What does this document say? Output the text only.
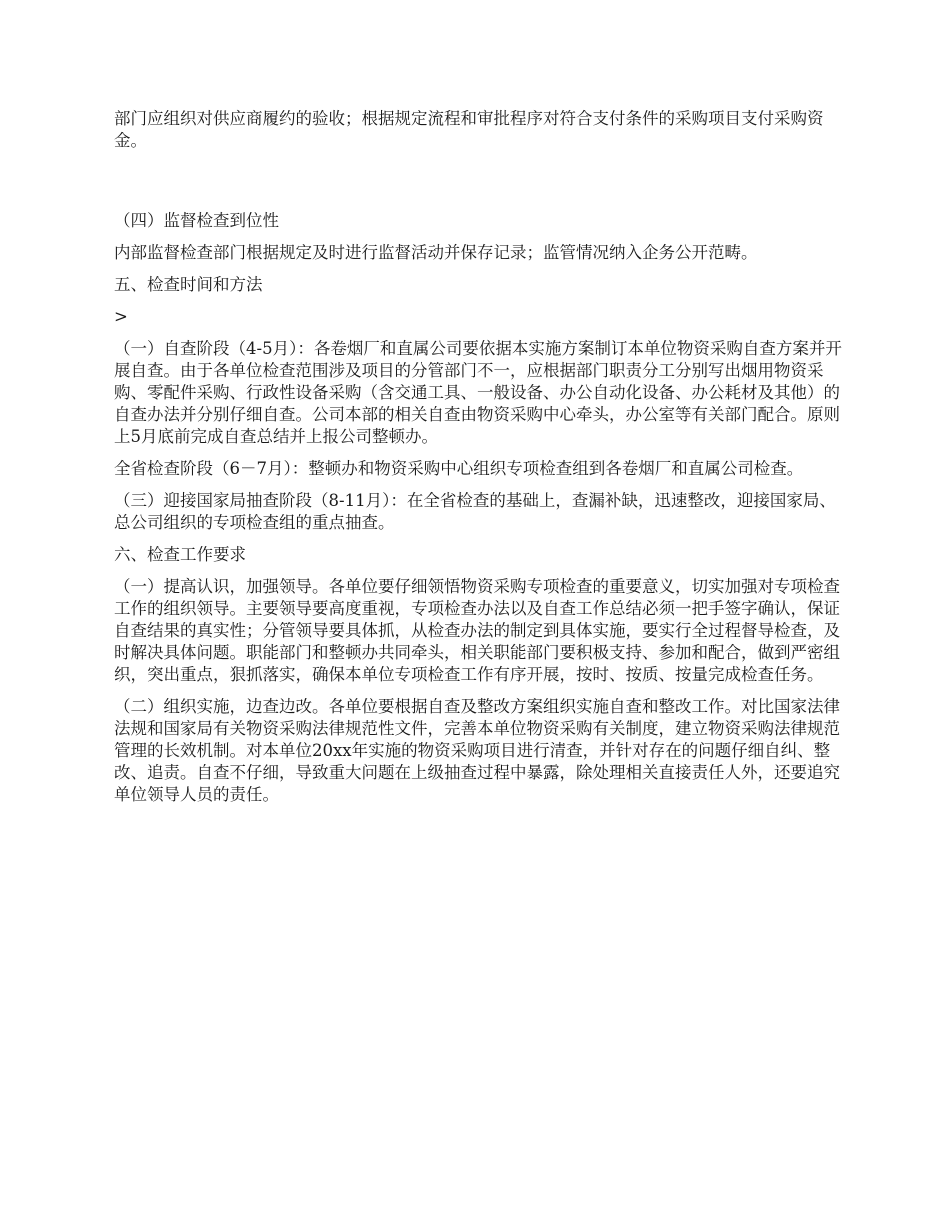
部门应组织对供应商履约的验收；根据规定流程和审批程序对符合支付条件的采购项目支付采购资金。

（四）监督检查到位性

内部监督检查部门根据规定及时进行监督活动并保存记录；监管情况纳入企务公开范畴。

五、检查时间和方法

>

（一）自查阶段（4-5月）：各卷烟厂和直属公司要依据本实施方案制订本单位物资采购自查方案并开展自查。由于各单位检查范围涉及项目的分管部门不一，应根据部门职责分工分别写出烟用物资采购、零配件采购、行政性设备采购（含交通工具、一般设备、办公自动化设备、办公耗材及其他）的自查办法并分别仔细自查。公司本部的相关自查由物资采购中心牵头，办公室等有关部门配合。原则上5月底前完成自查总结并上报公司整顿办。

全省检查阶段（6－7月）：整顿办和物资采购中心组织专项检查组到各卷烟厂和直属公司检查。

（三）迎接国家局抽查阶段（8-11月）：在全省检查的基础上，查漏补缺，迅速整改，迎接国家局、总公司组织的专项检查组的重点抽查。

六、检查工作要求

（一）提高认识，加强领导。各单位要仔细领悟物资采购专项检查的重要意义，切实加强对专项检查工作的组织领导。主要领导要高度重视，专项检查办法以及自查工作总结必须一把手签字确认，保证自查结果的真实性；分管领导要具体抓，从检查办法的制定到具体实施，要实行全过程督导检查，及时解决具体问题。职能部门和整顿办共同牵头，相关职能部门要积极支持、参加和配合，做到严密组织，突出重点，狠抓落实，确保本单位专项检查工作有序开展，按时、按质、按量完成检查任务。

（二）组织实施，边查边改。各单位要根据自查及整改方案组织实施自查和整改工作。对比国家法律法规和国家局有关物资采购法律规范性文件，完善本单位物资采购有关制度，建立物资采购法律规范管理的长效机制。对本单位20xx年实施的物资采购项目进行清查，并针对存在的问题仔细自纠、整改、追责。自查不仔细，导致重大问题在上级抽查过程中暴露，除处理相关直接责任人外，还要追究单位领导人员的责任。
